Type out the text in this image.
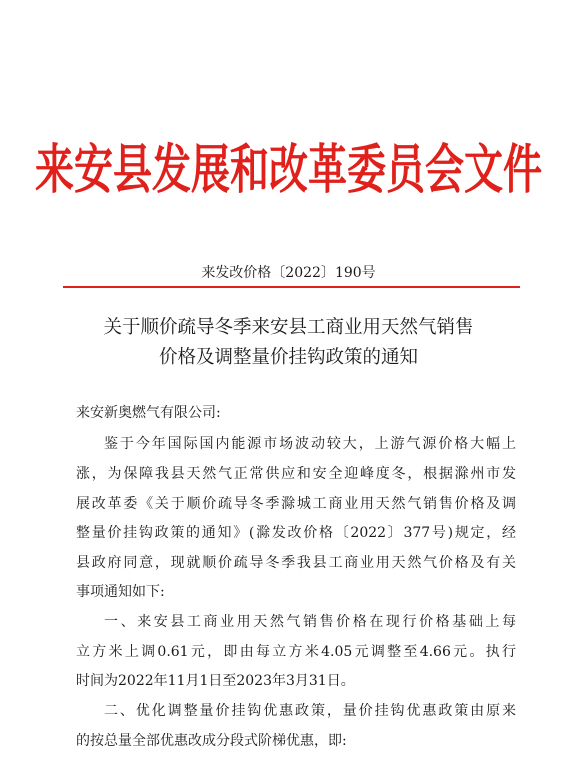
来安县发展和改革委员会文件
来发改价格〔2022〕190号
关于顺价疏导冬季来安县工商业用天然气销售
价格及调整量价挂钩政策的通知
来安新奥燃气有限公司:
鉴于今年国际国内能源市场波动较大，上游气源价格大幅上
涨，为保障我县天然气正常供应和安全迎峰度冬，根据滁州市发
展改革委《关于顺价疏导冬季滁城工商业用天然气销售价格及调
整量价挂钩政策的通知》(滁发改价格〔2022〕377号)规定，经
县政府同意，现就顺价疏导冬季我县工商业用天然气价格及有关
事项通知如下:
一、来安县工商业用天然气销售价格在现行价格基础上每
立方米上调0.61元，即由每立方米4.05元调整至4.66元。执行
时间为2022年11月1日至2023年3月31日。
二、优化调整量价挂钩优惠政策，量价挂钩优惠政策由原来
的按总量全部优惠改成分段式阶梯优惠，即:
